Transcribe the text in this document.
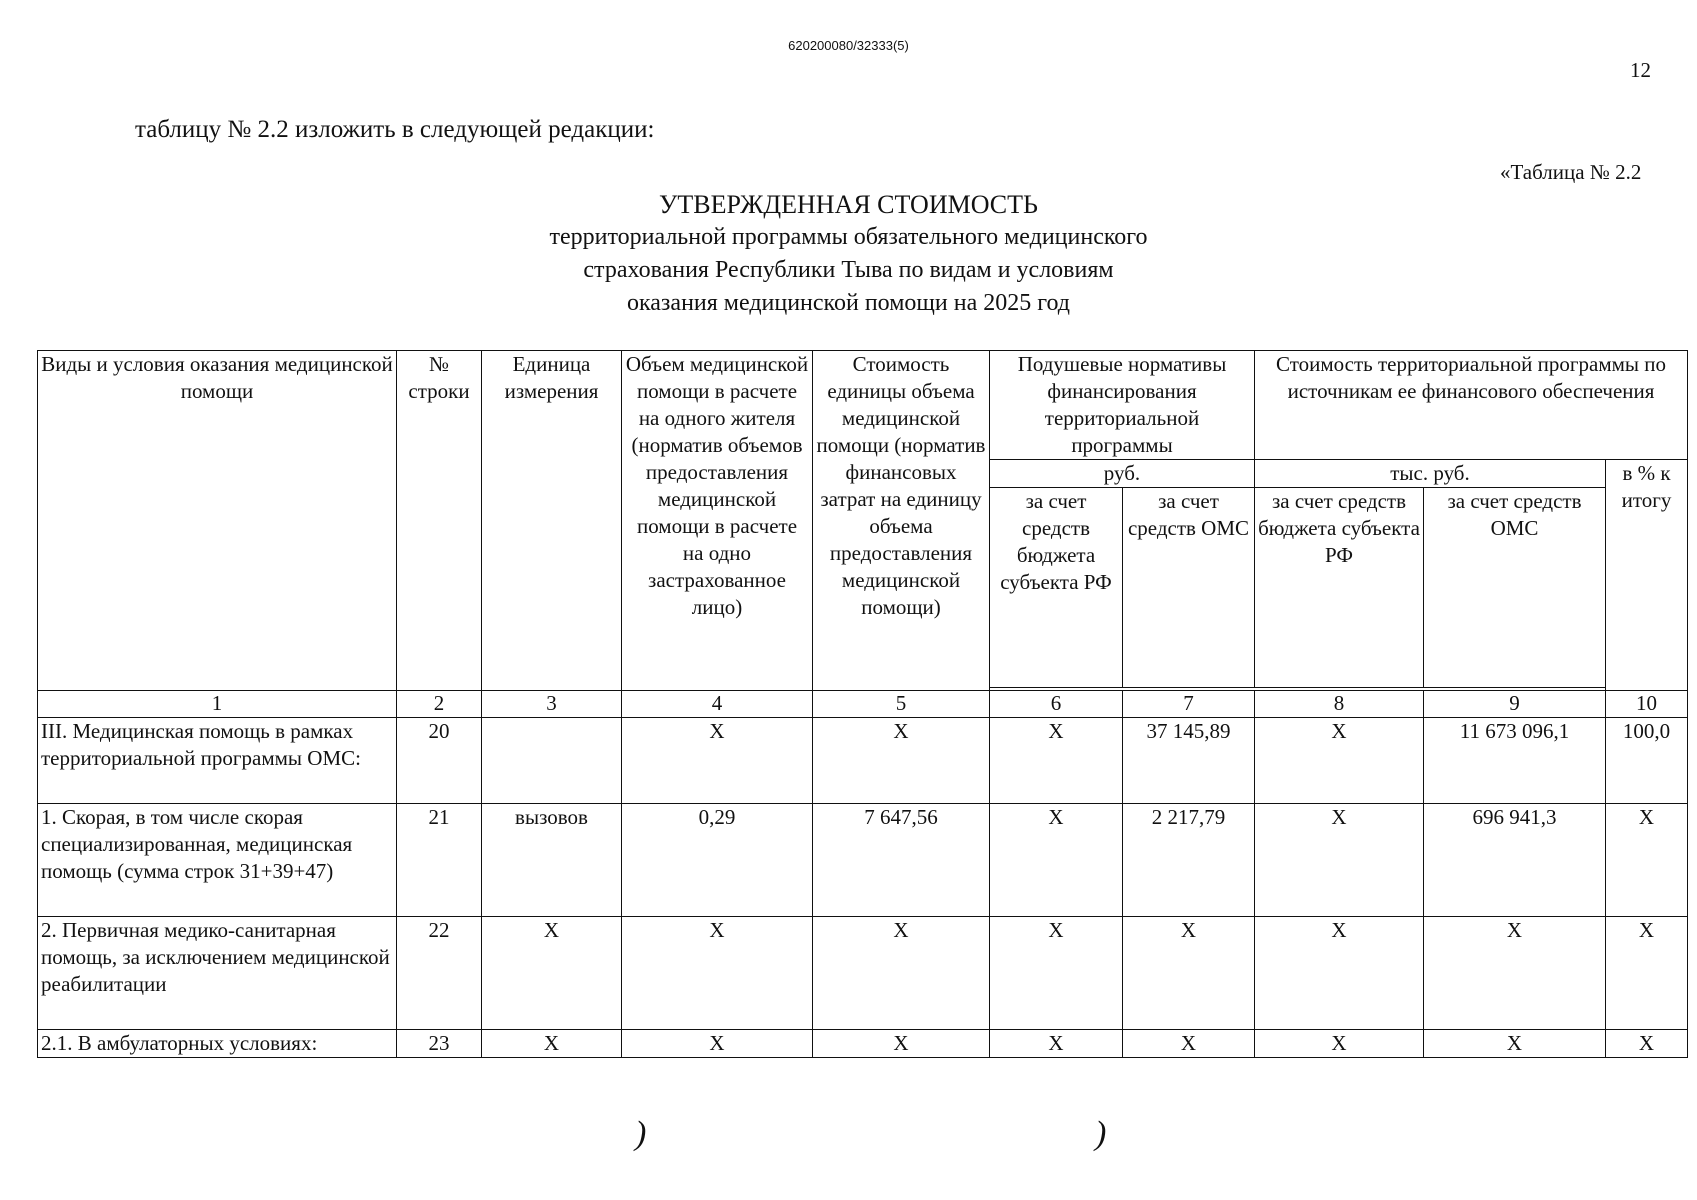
620200080/32333(5)
12
таблицу № 2.2 изложить в следующей редакции:
«Таблица № 2.2
УТВЕРЖДЕННАЯ СТОИМОСТЬ
территориальной программы обязательного медицинского
страхования Республики Тыва по видам и условиям
оказания медицинской помощи на 2025 год
Виды и условия оказания медицинской помощи	№ строки	Единица измерения	Объем медицинской помощи в расчете на одного жителя (норматив объемов предоставления медицинской помощи в расчете на одно застрахованное лицо)	Стоимость единицы объема медицинской помощи (норматив финансовых затрат на единицу объема предоставления медицинской помощи)	Подушевые нормативы финансирования территориальной программы		Стоимость территориальной программы по источникам ее финансового обеспечения		
					руб.		тыс. руб.		в % к итогу
					за счет средств бюджета субъекта РФ	за счет средств ОМС	за счет средств бюджета субъекта РФ	за счет средств ОМС	

1	2	3	4	5	6	7	8	9	10
III. Медицинская помощь в рамках территориальной программы ОМС:	20		X	X	X	37 145,89	X	11 673 096,1	100,0
1. Скорая, в том числе скорая специализированная, медицинская помощь (сумма строк 31+39+47)	21	вызовов	0,29	7 647,56	X	2 217,79	X	696 941,3	X
2. Первичная медико-санитарная помощь, за исключением медицинской реабилитации	22	X	X	X	X	X	X	X	X
2.1. В амбулаторных условиях:	23	X	X	X	X	X	X	X	X
)	)
